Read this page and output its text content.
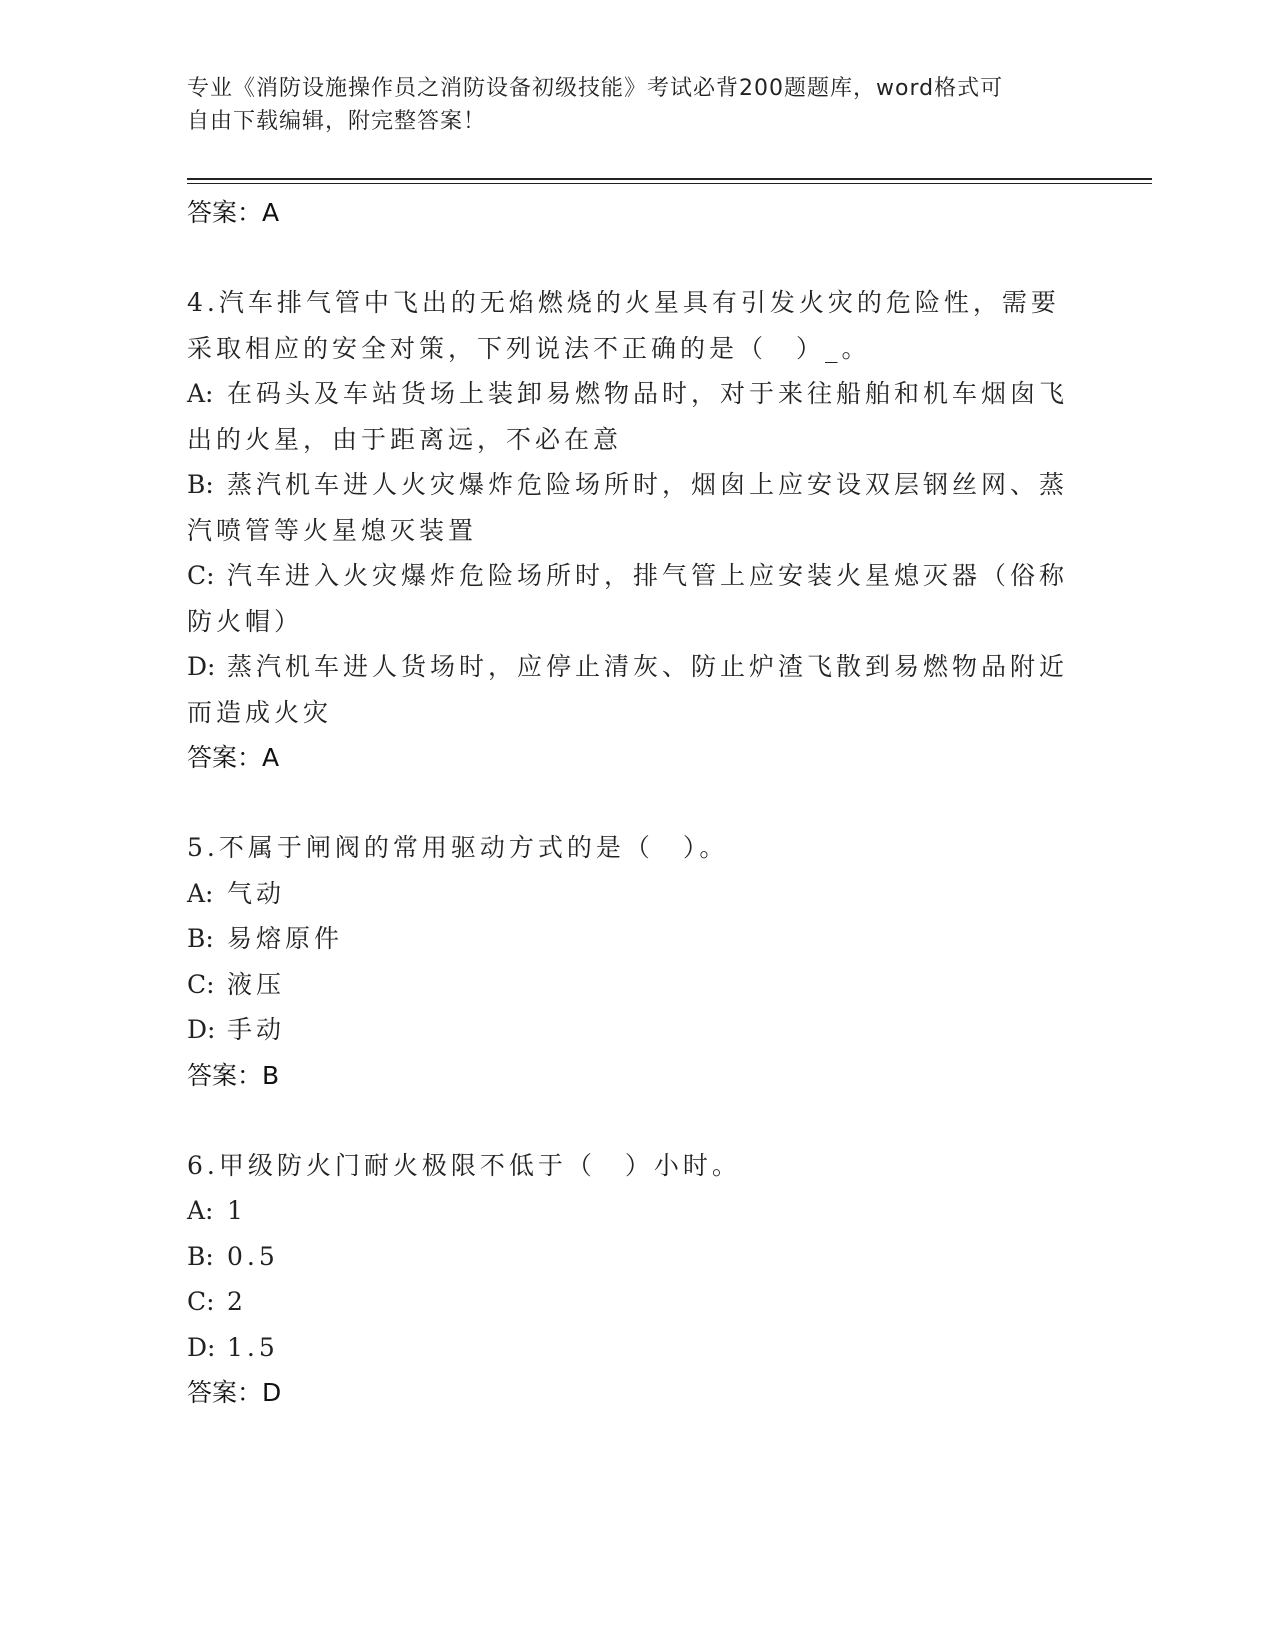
专业《消防设施操作员之消防设备初级技能》考试必背200题题库，word格式可
自由下载编辑，附完整答案！

答案：A

4.汽车排气管中飞出的无焰燃烧的火星具有引发火灾的危险性，需要

采取相应的安全对策，下列说法不正确的是（　）_。

A: 在码头及车站货场上装卸易燃物品时，对于来往船舶和机车烟囱飞

出的火星，由于距离远，不必在意

B: 蒸汽机车进人火灾爆炸危险场所时，烟囱上应安设双层钢丝网、蒸

汽喷管等火星熄灭装置

C: 汽车进入火灾爆炸危险场所时，排气管上应安装火星熄灭器（俗称

防火帽）

D: 蒸汽机车进人货场时，应停止清灰、防止炉渣飞散到易燃物品附近

而造成火灾

答案：A

5.不属于闸阀的常用驱动方式的是（　）。

A: 气动

B: 易熔原件

C: 液压

D: 手动

答案：B

6.甲级防火门耐火极限不低于（　）小时。

A: 1

B: 0.5

C: 2

D: 1.5

答案：D
